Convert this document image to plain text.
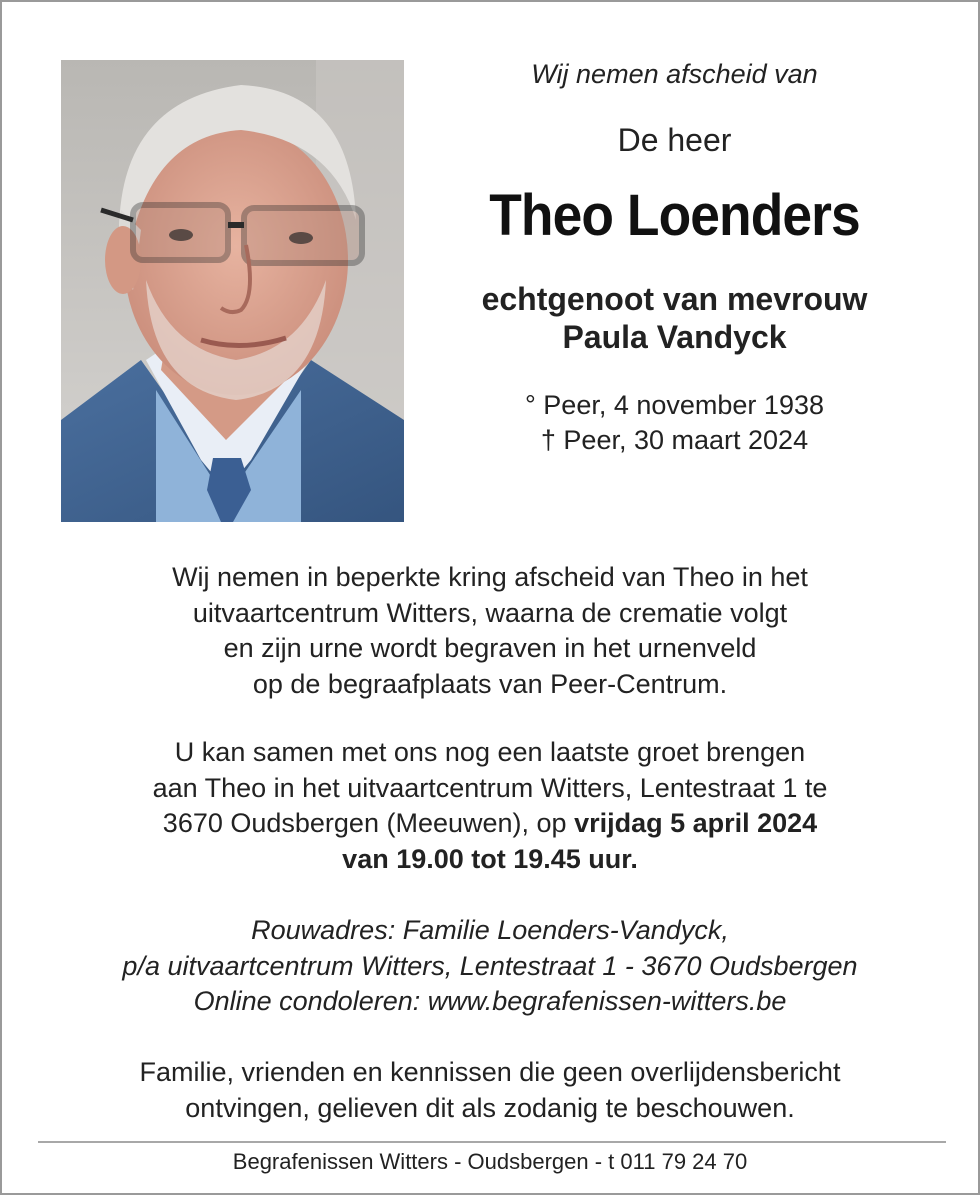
Wij nemen afscheid van
De heer
Theo Loenders
echtgenoot van mevrouw
Paula Vandyck
° Peer, 4 november 1938
† Peer, 30 maart 2024
Wij nemen in beperkte kring afscheid van Theo in het
uitvaartcentrum Witters, waarna de crematie volgt
en zijn urne wordt begraven in het urnenveld
op de begraafplaats van Peer-Centrum.
U kan samen met ons nog een laatste groet brengen
aan Theo in het uitvaartcentrum Witters, Lentestraat 1 te
3670 Oudsbergen (Meeuwen), op vrijdag 5 april 2024
van 19.00 tot 19.45 uur.
Rouwadres: Familie Loenders-Vandyck,
p/a uitvaartcentrum Witters, Lentestraat 1 - 3670 Oudsbergen
Online condoleren: www.begrafenissen-witters.be
Familie, vrienden en kennissen die geen overlijdensbericht
ontvingen, gelieven dit als zodanig te beschouwen.
Begrafenissen Witters - Oudsbergen - t 011 79 24 70
